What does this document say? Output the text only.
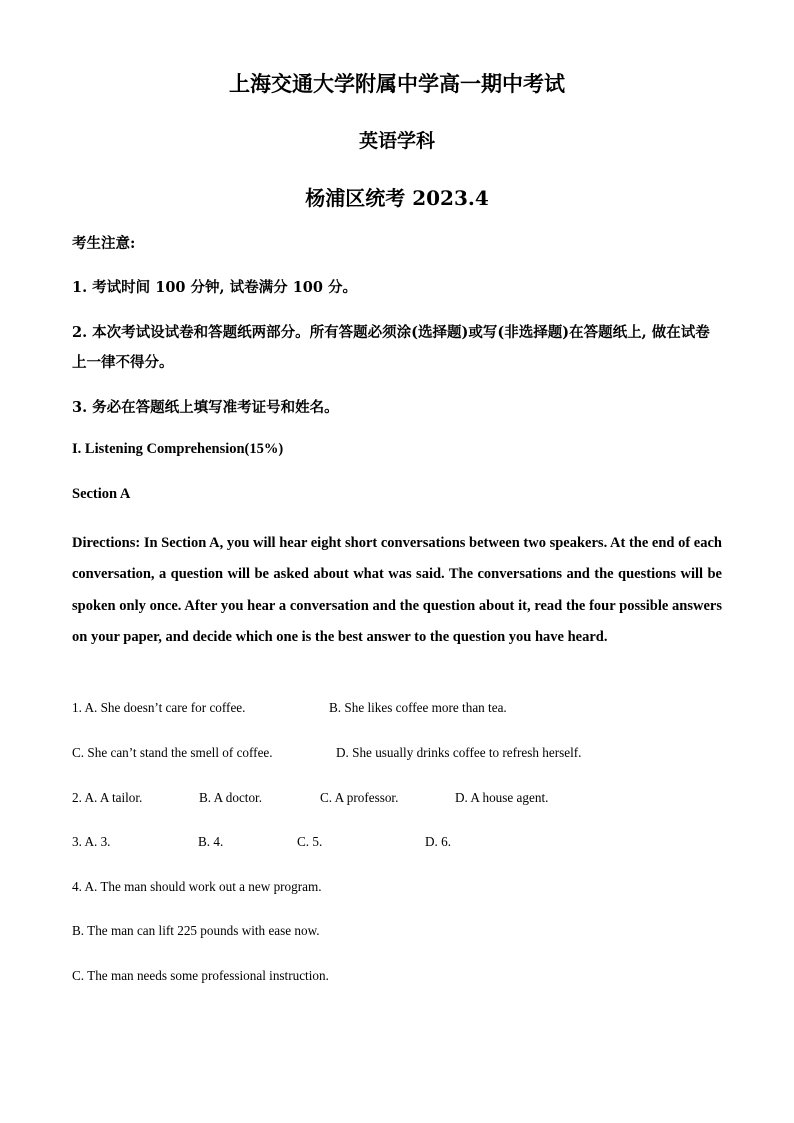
上海交通大学附属中学高一期中考试
英语学科
杨浦区统考 2023.4
考生注意:
1. 考试时间 100 分钟, 试卷满分 100 分。
2. 本次考试设试卷和答题纸两部分。所有答题必须涂(选择题)或写(非选择题)在答题纸上, 做在试卷上一律不得分。
3. 务必在答题纸上填写准考证号和姓名。
I. Listening Comprehension(15%)
Section A
Directions: In Section A, you will hear eight short conversations between two speakers. At the end of each conversation, a question will be asked about what was said. The conversations and the questions will be spoken only once. After you hear a conversation and the question about it, read the four possible answers on your paper, and decide which one is the best answer to the question you have heard.
1. A. She doesn’t care for coffee.	B. She likes coffee more than tea.
C. She can’t stand the smell of coffee.	D. She usually drinks coffee to refresh herself.
2. A. A tailor.	B. A doctor.	C. A professor.	D. A house agent.
3. A. 3.	B. 4.	C. 5.	D. 6.
4. A. The man should work out a new program.
B. The man can lift 225 pounds with ease now.
C. The man needs some professional instruction.
